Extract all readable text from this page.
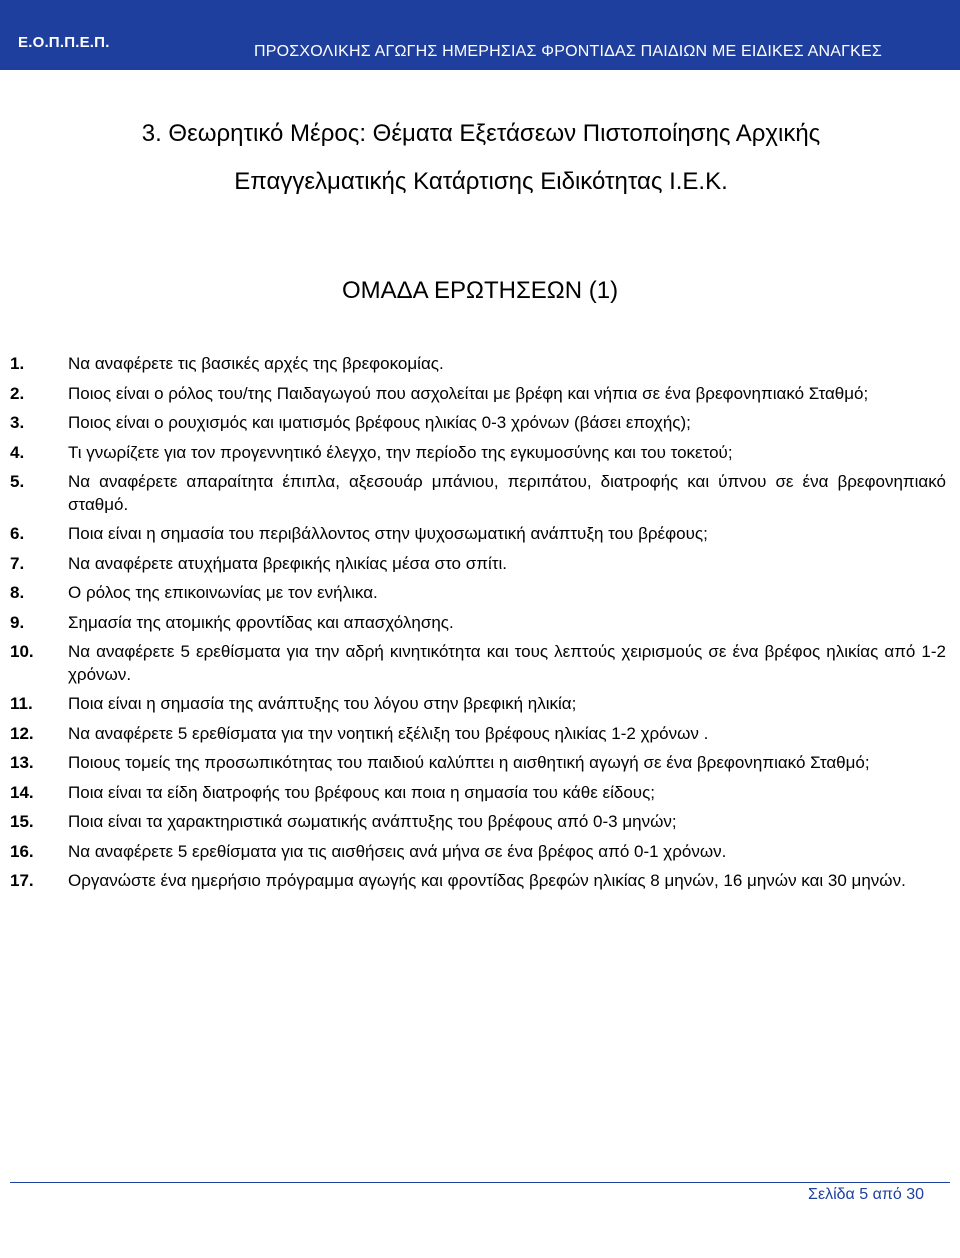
Ε.Ο.Π.Π.Ε.Π.
ΠΡΟΣΧΟΛΙΚΗΣ ΑΓΩΓΗΣ ΗΜΕΡΗΣΙΑΣ ΦΡΟΝΤΙΔΑΣ ΠΑΙΔΙΩΝ ΜΕ ΕΙΔΙΚΕΣ ΑΝΑΓΚΕΣ
3. Θεωρητικό Μέρος: Θέματα Εξετάσεων Πιστοποίησης Αρχικής Επαγγελματικής Κατάρτισης Ειδικότητας Ι.Ε.Κ.
ΟΜΑΔΑ ΕΡΩΤΗΣΕΩΝ (1)
1.	Να αναφέρετε τις βασικές αρχές της βρεφοκομίας.
2.	Ποιος είναι ο ρόλος του/της Παιδαγωγού που ασχολείται με βρέφη και νήπια σε ένα βρεφονηπιακό Σταθμό;
3.	Ποιος είναι ο ρουχισμός και ιματισμός βρέφους ηλικίας 0-3 χρόνων (βάσει εποχής);
4.	Τι γνωρίζετε για τον προγεννητικό έλεγχο, την περίοδο της εγκυμοσύνης και του τοκετού;
5.	Να αναφέρετε απαραίτητα έπιπλα, αξεσουάρ μπάνιου, περιπάτου, διατροφής και ύπνου σε ένα βρεφονηπιακό σταθμό.
6.	Ποια είναι η σημασία του περιβάλλοντος στην ψυχοσωματική ανάπτυξη του βρέφους;
7.	Να αναφέρετε ατυχήματα βρεφικής ηλικίας μέσα στο σπίτι.
8.	Ο ρόλος της επικοινωνίας με τον ενήλικα.
9.	Σημασία της ατομικής φροντίδας και απασχόλησης.
10.	Να αναφέρετε 5 ερεθίσματα για την αδρή κινητικότητα και τους λεπτούς χειρισμούς σε ένα βρέφος ηλικίας από 1-2 χρόνων.
11.	Ποια είναι η σημασία της ανάπτυξης του λόγου στην βρεφική ηλικία;
12.	Να αναφέρετε 5 ερεθίσματα για την νοητική εξέλιξη του βρέφους ηλικίας 1-2 χρόνων .
13.	Ποιους τομείς της προσωπικότητας του παιδιού καλύπτει η αισθητική αγωγή σε ένα βρεφονηπιακό Σταθμό;
14.	Ποια είναι τα είδη διατροφής του βρέφους και ποια η σημασία του κάθε είδους;
15.	Ποια είναι τα χαρακτηριστικά σωματικής ανάπτυξης του βρέφους από 0-3 μηνών;
16.	Να αναφέρετε 5 ερεθίσματα για τις αισθήσεις ανά μήνα σε ένα βρέφος από 0-1 χρόνων.
17.	Οργανώστε ένα ημερήσιο πρόγραμμα αγωγής και φροντίδας βρεφών ηλικίας 8 μηνών, 16 μηνών και 30 μηνών.
Σελίδα 5 από 30
